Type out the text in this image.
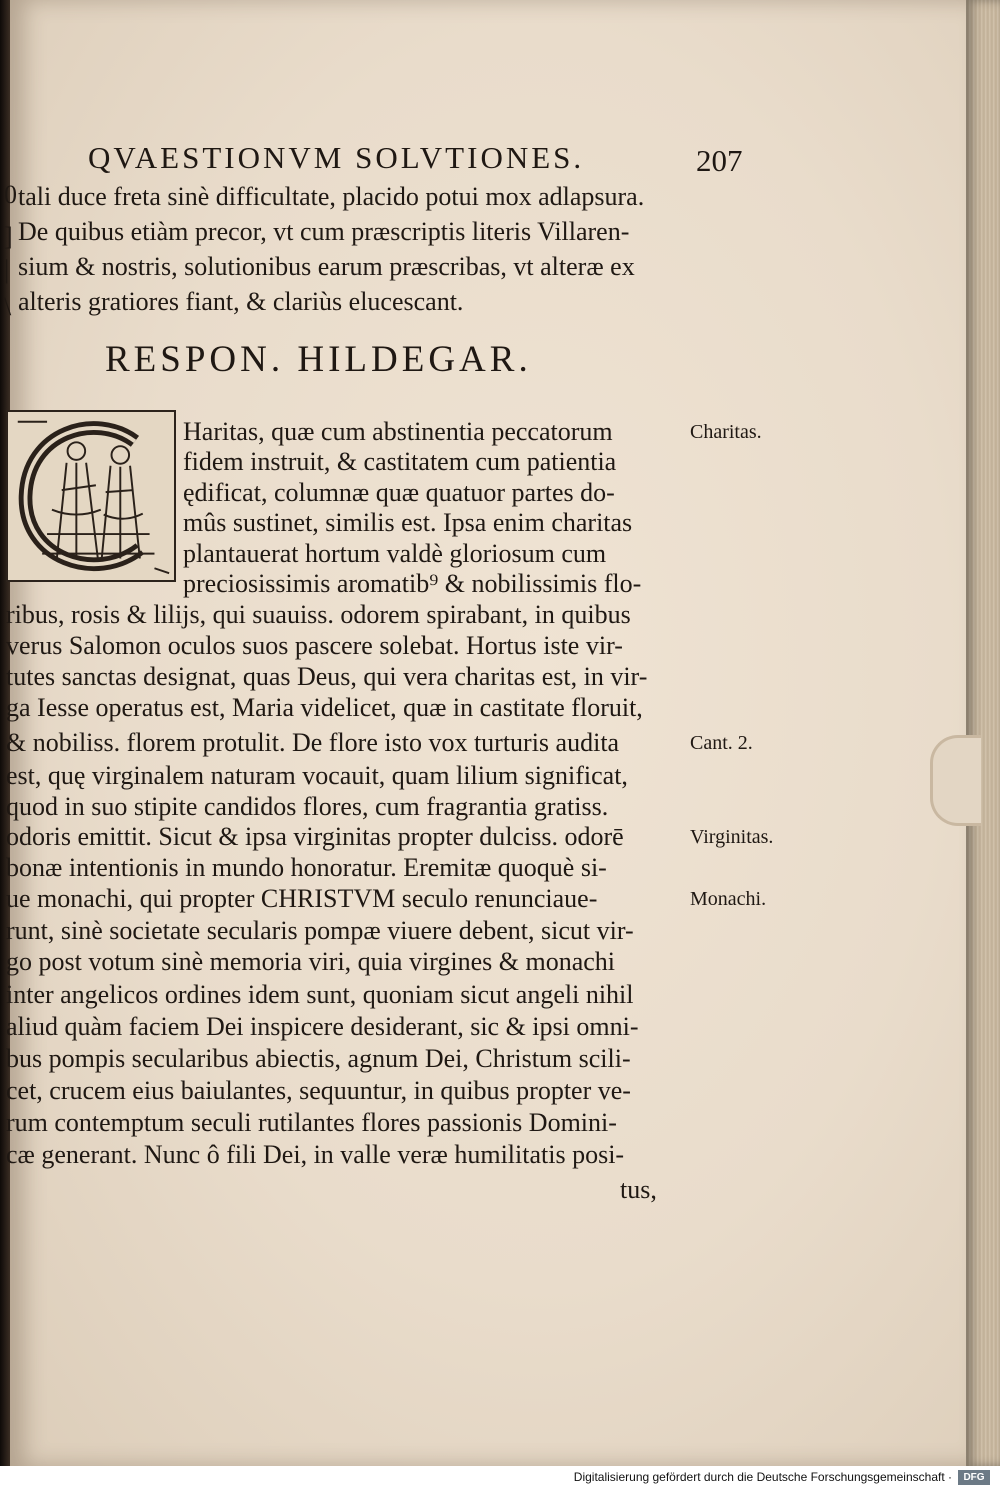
QVAESTIONVM SOLVTIONES.	207
0
]
|
\
tali duce freta sinè difficultate, placido potui mox adlapsura.
De quibus etiàm precor, vt cum præscriptis literis Villaren-
sium & nostris, solutionibus earum præscribas, vt alteræ ex
alteris gratiores fiant, & clariùs elucescant.
RESPON. HILDEGAR.
Haritas, quæ cum abstinentia peccatorum
fidem instruit, & castitatem cum patientia
ędificat, columnæ quæ quatuor partes do-
mûs sustinet, similis est. Ipsa enim charitas
plantauerat hortum valdè gloriosum cum
preciosissimis aromatib⁹ & nobilissimis flo-
ribus, rosis & lilijs, qui suauiss. odorem spirabant, in quibus
verus Salomon oculos suos pascere solebat. Hortus iste vir-
tutes sanctas designat, quas Deus, qui vera charitas est, in vir-
ga Iesse operatus est, Maria videlicet, quæ in castitate floruit,
& nobiliss. florem protulit. De flore isto vox turturis audita
est, quę virginalem naturam vocauit, quam lilium significat,
quod in suo stipite candidos flores, cum fragrantia gratiss.
odoris emittit. Sicut & ipsa virginitas propter dulciss. odorē
bonæ intentionis in mundo honoratur. Eremitæ quoquè si-
ue monachi, qui propter CHRISTVM seculo renunciaue-
runt, sinè societate secularis pompæ viuere debent, sicut vir-
go post votum sinè memoria viri, quia virgines & monachi
inter angelicos ordines idem sunt, quoniam sicut angeli nihil
aliud quàm faciem Dei inspicere desiderant, sic & ipsi omni-
bus pompis secularibus abiectis, agnum Dei, Christum scili-
cet, crucem eius baiulantes, sequuntur, in quibus propter ve-
rum contemptum seculi rutilantes flores passionis Domini-
cæ generant. Nunc ô fili Dei, in valle veræ humilitatis posi-
tus,
Charitas.
Cant. 2.
Virginitas.
Monachi.
Digitalisierung gefördert durch die Deutsche Forschungsgemeinschaft ·	DFG
